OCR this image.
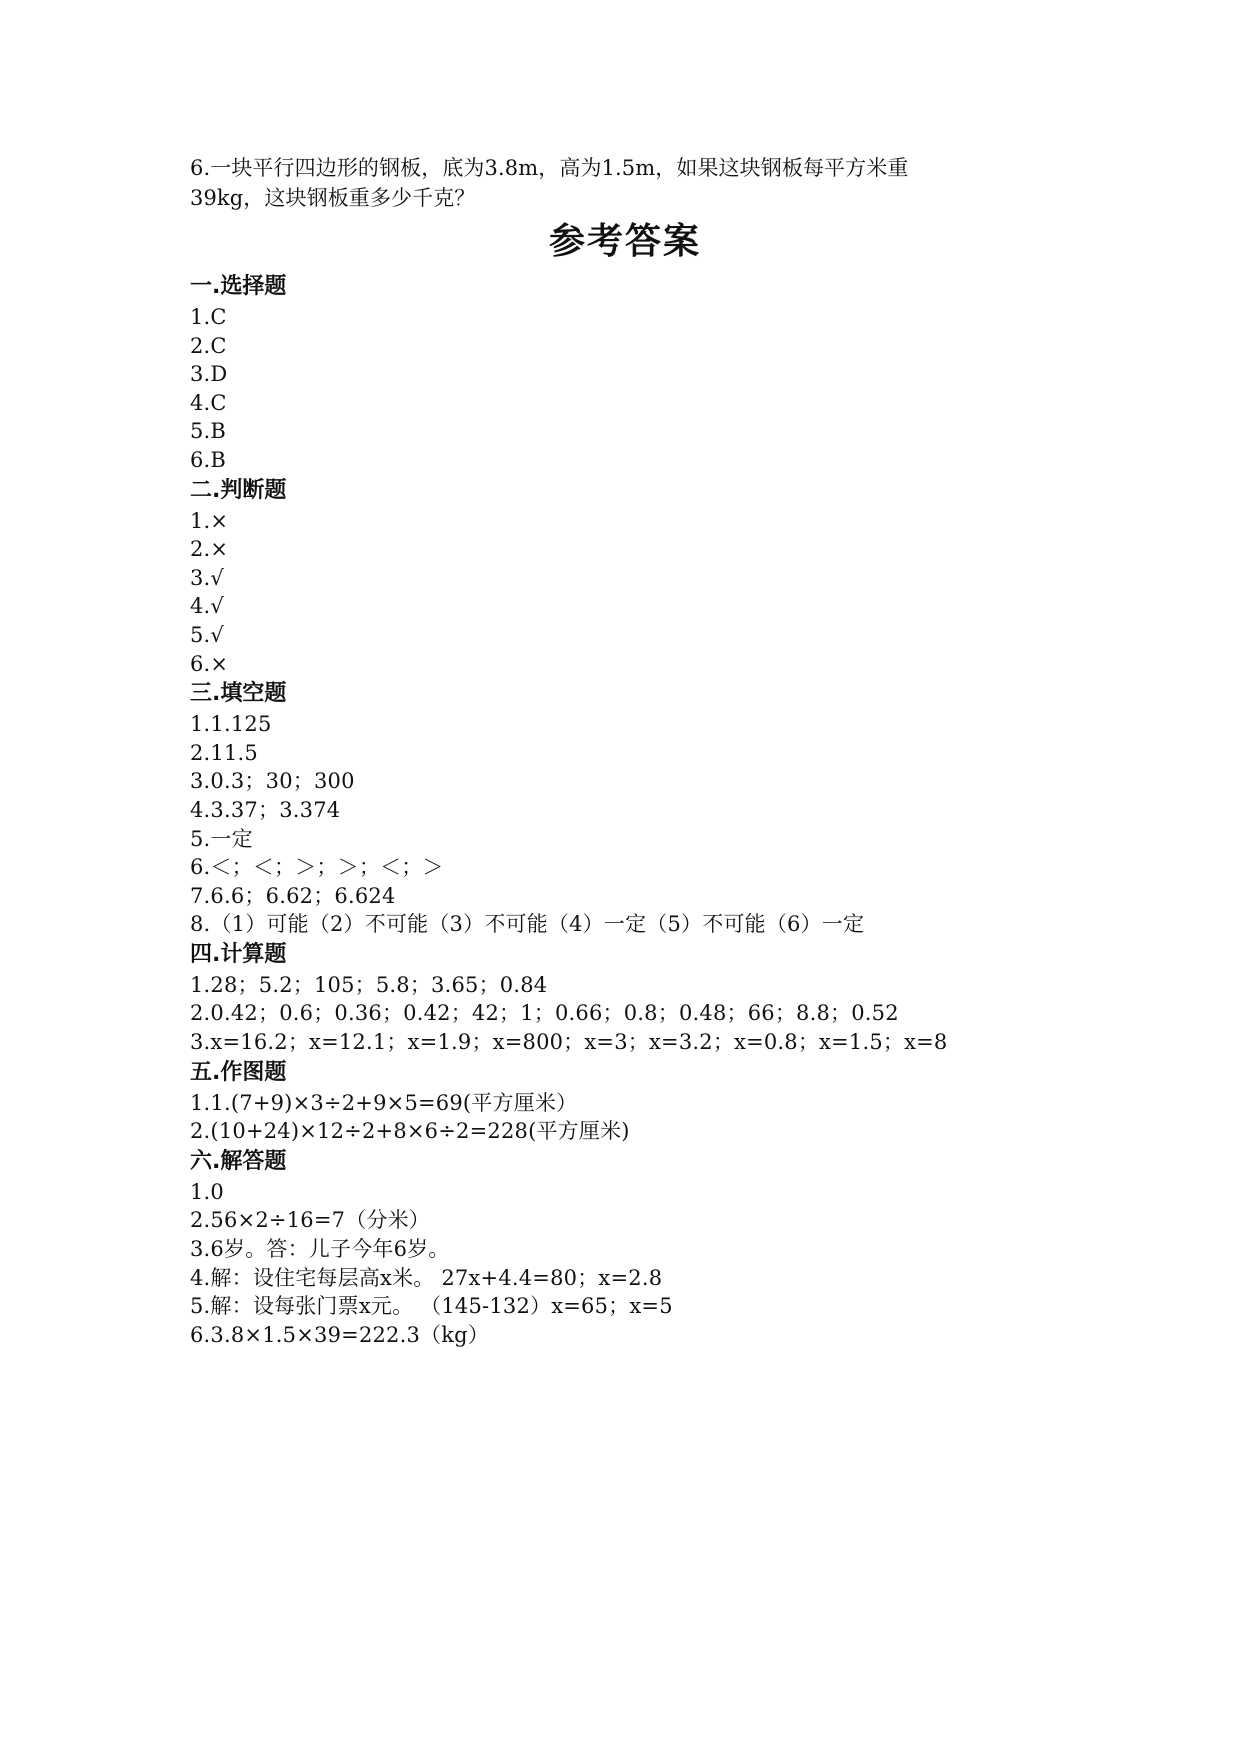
6.一块平行四边形的钢板，底为3.8m，高为1.5m，如果这块钢板每平方米重
39kg，这块钢板重多少千克？
参考答案
一.选择题
1.C
2.C
3.D
4.C
5.B
6.B
二.判断题
1.×
2.×
3.√
4.√
5.√
6.×
三.填空题
1.1.125
2.11.5
3.0.3；30；300
4.3.37；3.374
5.一定
6.＜；＜；＞；＞；＜；＞
7.6.6；6.62；6.624
8.（1）可能（2）不可能（3）不可能（4）一定（5）不可能（6）一定
四.计算题
1.28；5.2；105；5.8；3.65；0.84
2.0.42；0.6；0.36；0.42；42；1；0.66；0.8；0.48；66；8.8；0.52
3.x=16.2；x=12.1；x=1.9；x=800；x=3；x=3.2；x=0.8；x=1.5；x=8
五.作图题
1.1.(7+9)×3÷2+9×5=69(平方厘米）
2.(10+24)×12÷2+8×6÷2=228(平方厘米)
六.解答题
1.0
2.56×2÷16=7（分米）
3.6岁。答：儿子今年6岁。
4.解：设住宅每层高x米。 27x+4.4=80；x=2.8
5.解：设每张门票x元。 （145-132）x=65；x=5
6.3.8×1.5×39=222.3（kg）
